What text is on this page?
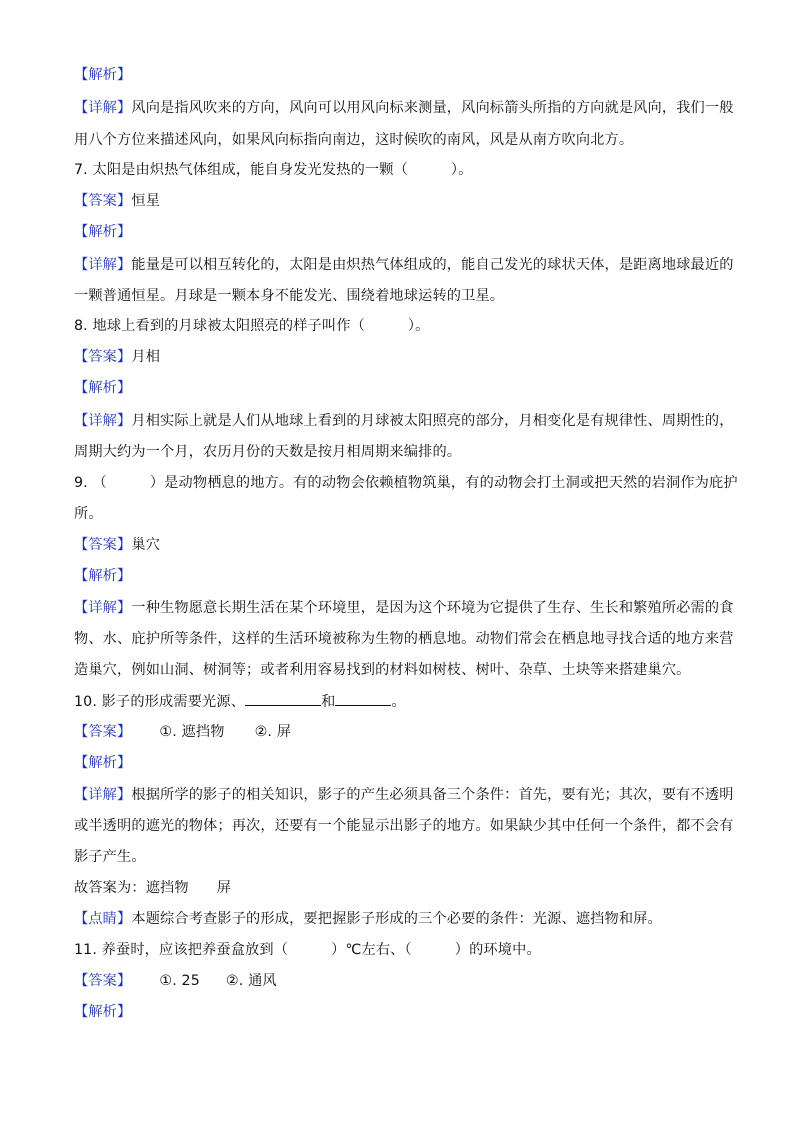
【解析】
【详解】风向是指风吹来的方向，风向可以用风向标来测量，风向标箭头所指的方向就是风向，我们一般
用八个方位来描述风向，如果风向标指向南边，这时候吹的南风，风是从南方吹向北方。
7. 太阳是由炽热气体组成，能自身发光发热的一颗（　　　）。
【答案】恒星
【解析】
【详解】能量是可以相互转化的，太阳是由炽热气体组成的，能自己发光的球状天体，是距离地球最近的
一颗普通恒星。月球是一颗本身不能发光、围绕着地球运转的卫星。
8. 地球上看到的月球被太阳照亮的样子叫作（　　　）。
【答案】月相
【解析】
【详解】月相实际上就是人们从地球上看到的月球被太阳照亮的部分，月相变化是有规律性、周期性的，
周期大约为一个月，农历月份的天数是按月相周期来编排的。
9. （　　　）是动物栖息的地方。有的动物会依赖植物筑巢，有的动物会打土洞或把天然的岩洞作为庇护
所。
【答案】巢穴
【解析】
【详解】一种生物愿意长期生活在某个环境里，是因为这个环境为它提供了生存、生长和繁殖所必需的食
物、水、庇护所等条件，这样的生活环境被称为生物的栖息地。动物们常会在栖息地寻找合适的地方来营
造巢穴，例如山洞、树洞等；或者利用容易找到的材料如树枝、树叶、杂草、土块等来搭建巢穴。
10. 影子的形成需要光源、	和	。
【答案】 ①. 遮挡物 ②. 屏
【解析】
【详解】根据所学的影子的相关知识，影子的产生必须具备三个条件：首先，要有光；其次，要有不透明
或半透明的遮光的物体；再次，还要有一个能显示出影子的地方。如果缺少其中任何一个条件，都不会有
影子产生。
故答案为：遮挡物 屏
【点睛】本题综合考查影子的形成，要把握影子形成的三个必要的条件：光源、遮挡物和屏。
11. 养蚕时，应该把养蚕盒放到（　　　）℃左右、（　　　）的环境中。
【答案】 ①. 25 ②. 通风
【解析】
